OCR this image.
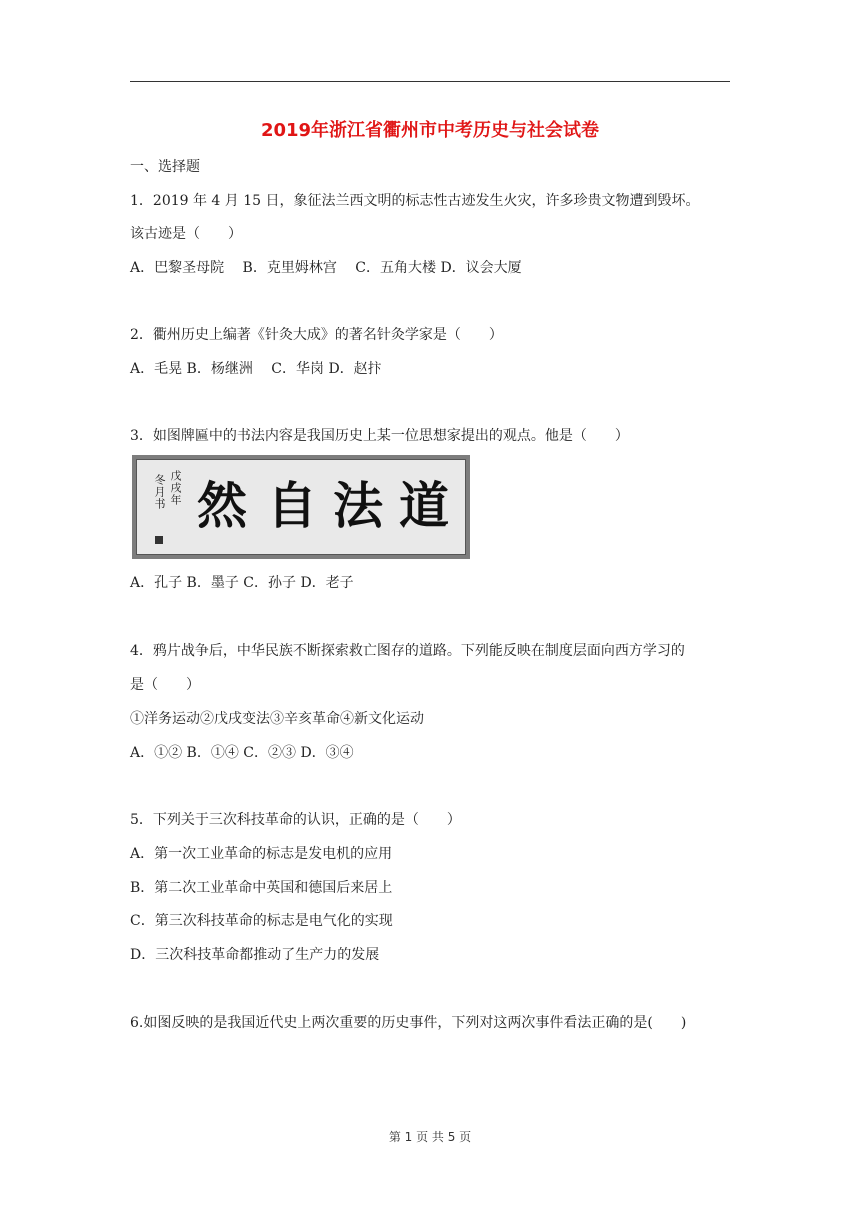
2019年浙江省衢州市中考历史与社会试卷
一、选择题
1．2019 年 4 月 15 日，象征法兰西文明的标志性古迹发生火灾，许多珍贵文物遭到毁坏。
该古迹是（　　）
A．巴黎圣母院　 B．克里姆林宫　 C．五角大楼 D．议会大厦
2．衢州历史上编著《针灸大成》的著名针灸学家是（　　）
A．毛晃 B．杨继洲　 C．华岗 D．赵抃
3．如图牌匾中的书法内容是我国历史上某一位思想家提出的观点。他是（　　）
戊戌年
冬月书 然 自 法 道
A．孔子 B．墨子 C．孙子 D．老子
4．鸦片战争后，中华民族不断探索救亡图存的道路。下列能反映在制度层面向西方学习的
是（　　）
①洋务运动②戊戌变法③辛亥革命④新文化运动
A．①② B．①④ C．②③ D．③④
5．下列关于三次科技革命的认识，正确的是（　　）
A．第一次工业革命的标志是发电机的应用
B．第二次工业革命中英国和德国后来居上
C．第三次科技革命的标志是电气化的实现
D．三次科技革命都推动了生产力的发展
6.如图反映的是我国近代史上两次重要的历史事件，下列对这两次事件看法正确的是(　　)
第 1 页 共 5 页
